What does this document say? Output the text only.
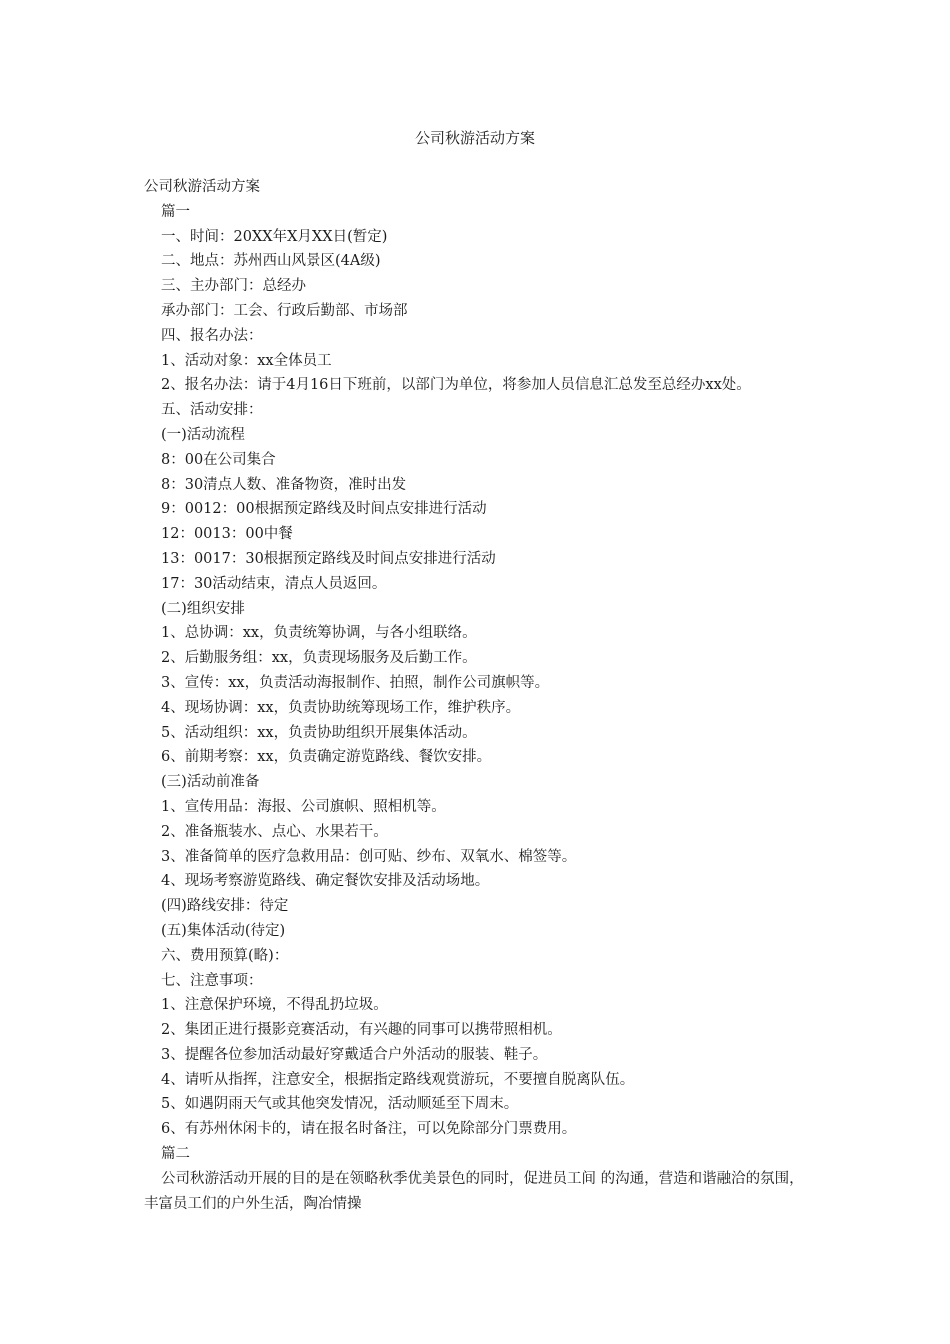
公司秋游活动方案

公司秋游活动方案

篇一

一、时间：20XX年X月XX日(暂定)

二、地点：苏州西山风景区(4A级)

三、主办部门：总经办

承办部门：工会、行政后勤部、市场部

四、报名办法：

1、活动对象：xx全体员工

2、报名办法：请于4月16日下班前，以部门为单位，将参加人员信息汇总发至总经办xx处。

五、活动安排：

(一)活动流程

8：00在公司集合

8：30清点人数、准备物资，准时出发

9：0012：00根据预定路线及时间点安排进行活动

12：0013：00中餐

13：0017：30根据预定路线及时间点安排进行活动

17：30活动结束，清点人员返回。

(二)组织安排

1、总协调：xx，负责统筹协调，与各小组联络。

2、后勤服务组：xx，负责现场服务及后勤工作。

3、宣传：xx，负责活动海报制作、拍照，制作公司旗帜等。

4、现场协调：xx，负责协助统筹现场工作，维护秩序。

5、活动组织：xx，负责协助组织开展集体活动。

6、前期考察：xx，负责确定游览路线、餐饮安排。

(三)活动前准备

1、宣传用品：海报、公司旗帜、照相机等。

2、准备瓶装水、点心、水果若干。

3、准备简单的医疗急救用品：创可贴、纱布、双氧水、棉签等。

4、现场考察游览路线、确定餐饮安排及活动场地。

(四)路线安排：待定

(五)集体活动(待定)

六、费用预算(略)：

七、注意事项：

1、注意保护环境，不得乱扔垃圾。

2、集团正进行摄影竞赛活动，有兴趣的同事可以携带照相机。

3、提醒各位参加活动最好穿戴适合户外活动的服装、鞋子。

4、请听从指挥，注意安全，根据指定路线观赏游玩，不要擅自脱离队伍。

5、如遇阴雨天气或其他突发情况，活动顺延至下周末。

6、有苏州休闲卡的，请在报名时备注，可以免除部分门票费用。

篇二

公司秋游活动开展的目的是在领略秋季优美景色的同时，促进员工间 的沟通，营造和谐融洽的氛围，丰富员工们的户外生活，陶冶情操
